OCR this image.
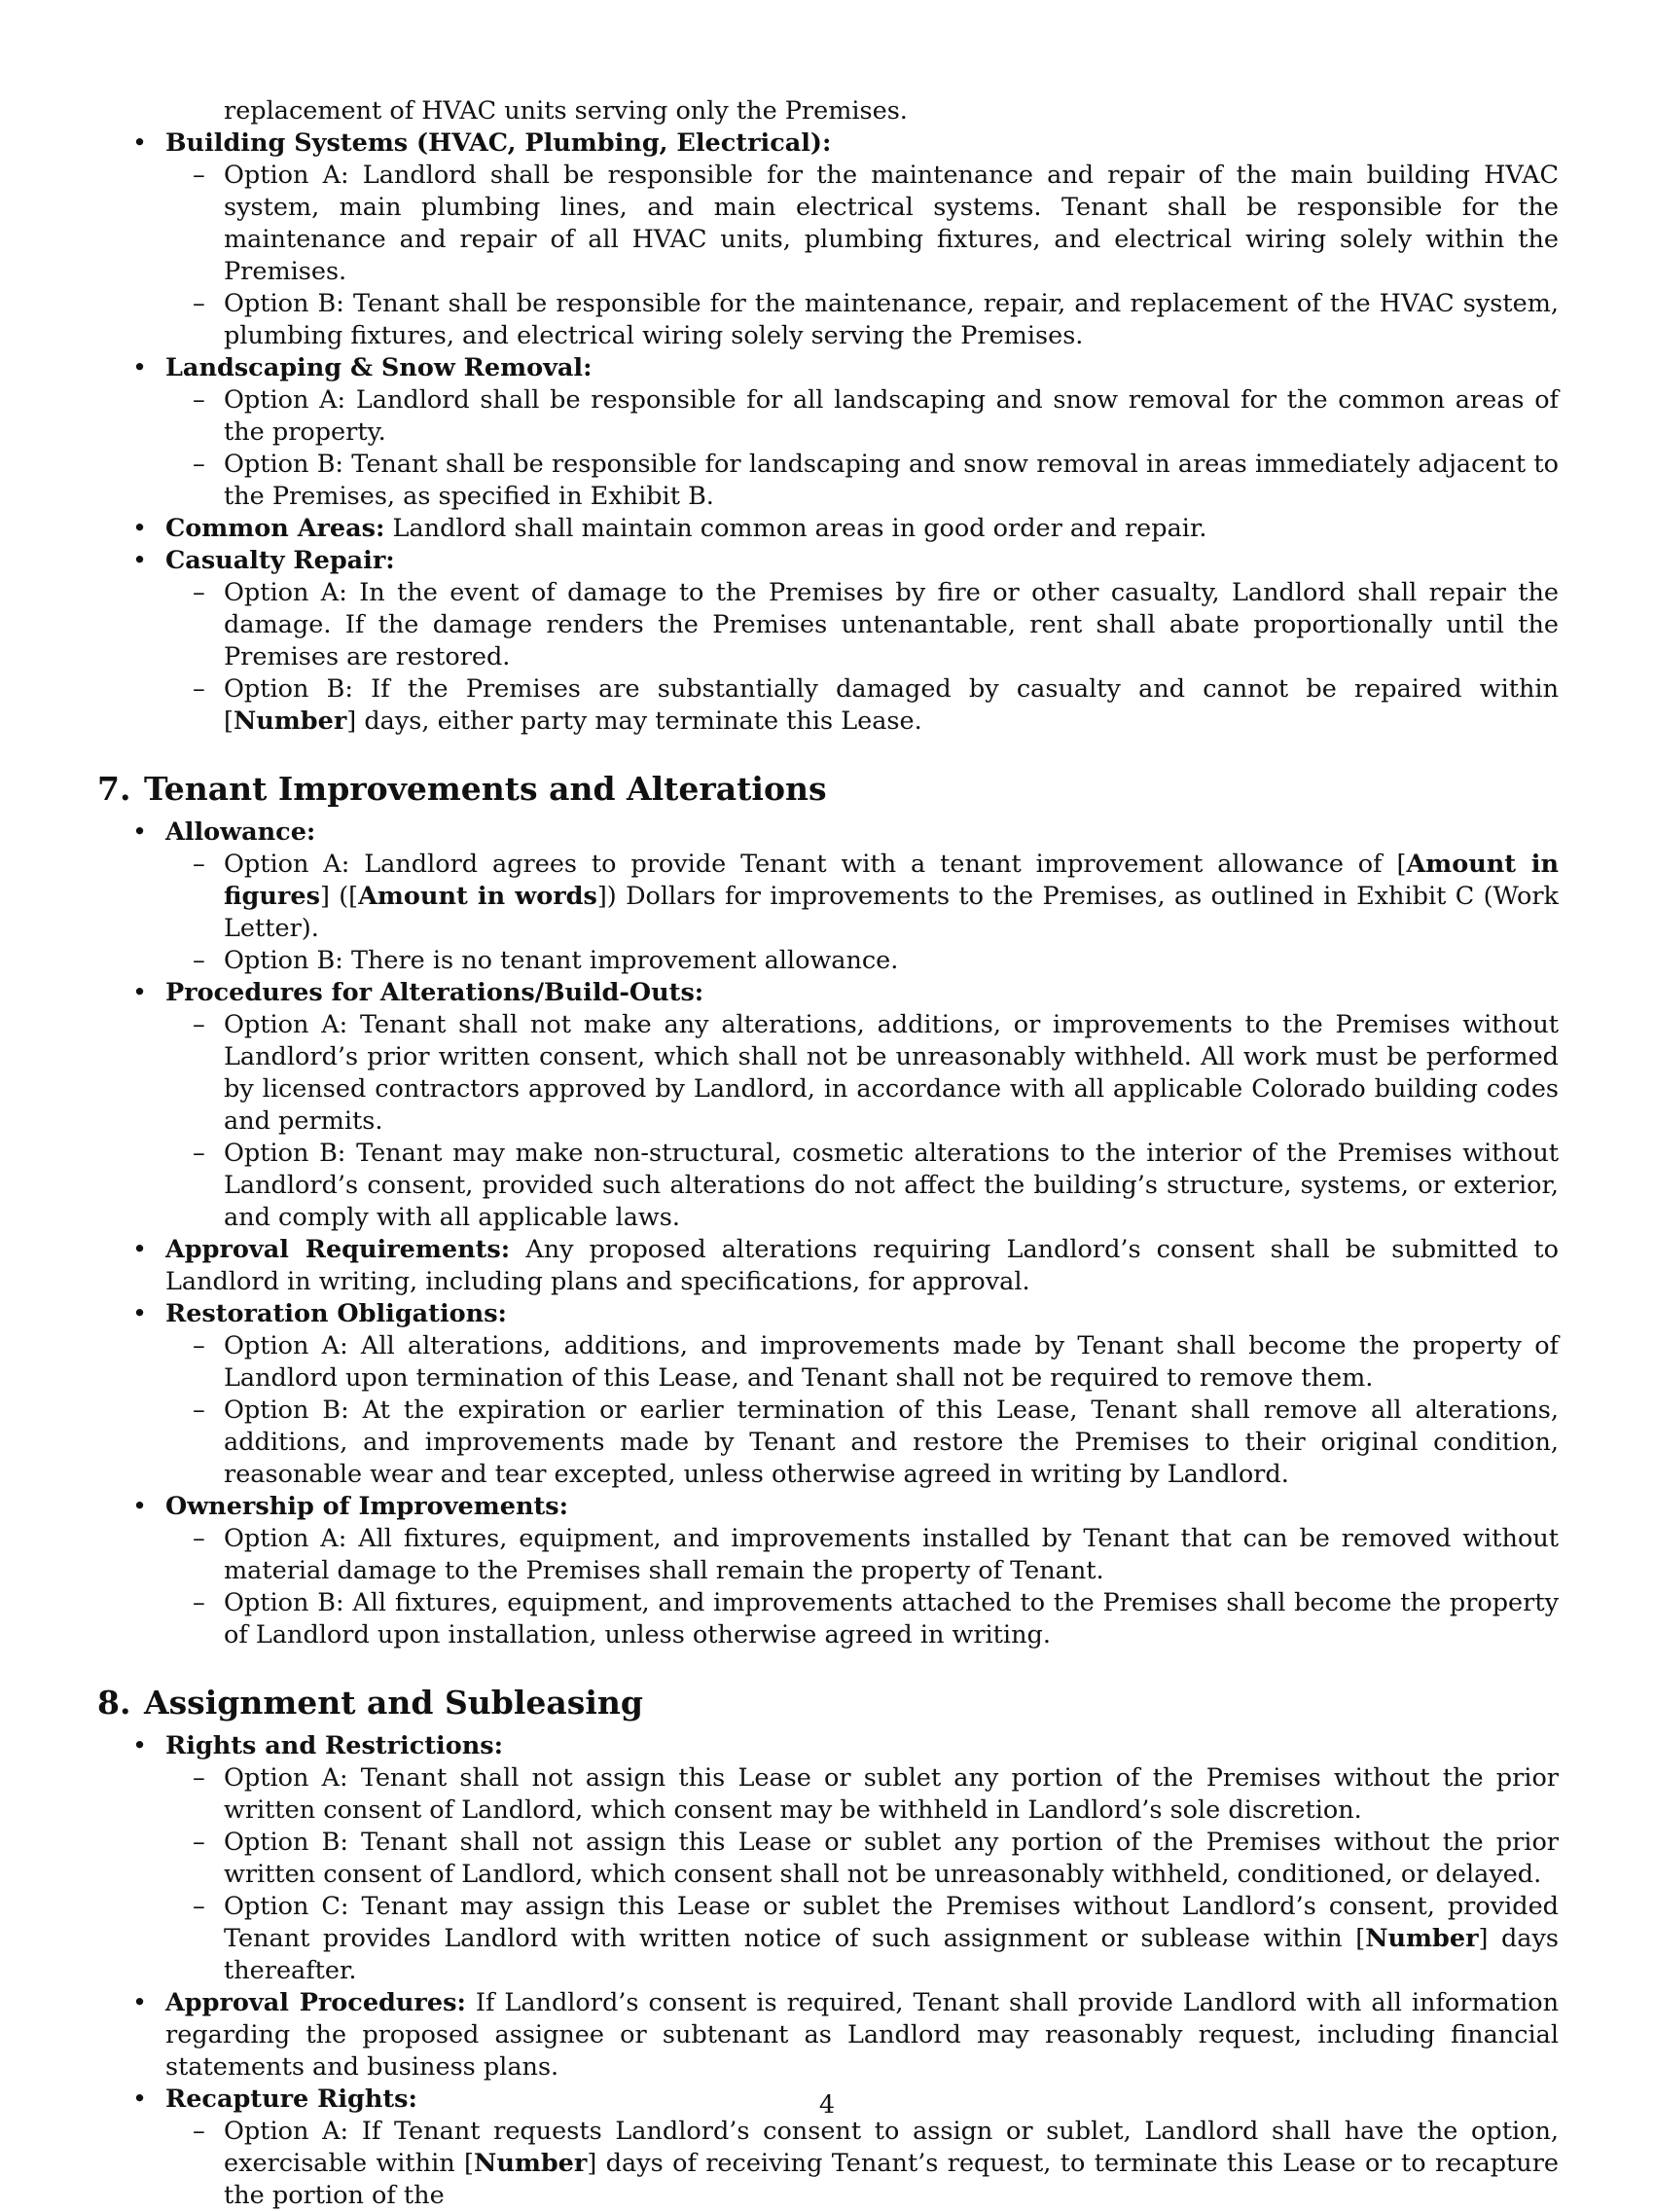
replacement of HVAC units serving only the Premises.
• Building Systems (HVAC, Plumbing, Electrical):
– Option A: Landlord shall be responsible for the maintenance and repair of the main building HVAC system, main plumbing lines, and main electrical systems. Tenant shall be responsible for the maintenance and repair of all HVAC units, plumbing fixtures, and electrical wiring solely within the Premises.
– Option B: Tenant shall be responsible for the maintenance, repair, and replacement of the HVAC system, plumbing fixtures, and electrical wiring solely serving the Premises.
• Landscaping & Snow Removal:
– Option A: Landlord shall be responsible for all landscaping and snow removal for the common areas of the property.
– Option B: Tenant shall be responsible for landscaping and snow removal in areas immediately adjacent to the Premises, as specified in Exhibit B.
• Common Areas: Landlord shall maintain common areas in good order and repair.
• Casualty Repair:
– Option A: In the event of damage to the Premises by fire or other casualty, Landlord shall repair the damage. If the damage renders the Premises untenantable, rent shall abate proportionally until the Premises are restored.
– Option B: If the Premises are substantially damaged by casualty and cannot be repaired within [Number] days, either party may terminate this Lease.
7. Tenant Improvements and Alterations
• Allowance:
– Option A: Landlord agrees to provide Tenant with a tenant improvement allowance of [Amount in figures] ([Amount in words]) Dollars for improvements to the Premises, as outlined in Exhibit C (Work Letter).
– Option B: There is no tenant improvement allowance.
• Procedures for Alterations/Build-Outs:
– Option A: Tenant shall not make any alterations, additions, or improvements to the Premises without Landlord’s prior written consent, which shall not be unreasonably withheld. All work must be performed by licensed contractors approved by Landlord, in accordance with all applicable Colorado building codes and permits.
– Option B: Tenant may make non-structural, cosmetic alterations to the interior of the Premises without Landlord’s consent, provided such alterations do not affect the building’s structure, systems, or exterior, and comply with all applicable laws.
• Approval Requirements: Any proposed alterations requiring Landlord’s consent shall be submitted to Landlord in writing, including plans and specifications, for approval.
• Restoration Obligations:
– Option A: All alterations, additions, and improvements made by Tenant shall become the property of Landlord upon termination of this Lease, and Tenant shall not be required to remove them.
– Option B: At the expiration or earlier termination of this Lease, Tenant shall remove all alterations, additions, and improvements made by Tenant and restore the Premises to their original condition, reasonable wear and tear excepted, unless otherwise agreed in writing by Landlord.
• Ownership of Improvements:
– Option A: All fixtures, equipment, and improvements installed by Tenant that can be removed without material damage to the Premises shall remain the property of Tenant.
– Option B: All fixtures, equipment, and improvements attached to the Premises shall become the property of Landlord upon installation, unless otherwise agreed in writing.
8. Assignment and Subleasing
• Rights and Restrictions:
– Option A: Tenant shall not assign this Lease or sublet any portion of the Premises without the prior written consent of Landlord, which consent may be withheld in Landlord’s sole discretion.
– Option B: Tenant shall not assign this Lease or sublet any portion of the Premises without the prior written consent of Landlord, which consent shall not be unreasonably withheld, conditioned, or delayed.
– Option C: Tenant may assign this Lease or sublet the Premises without Landlord’s consent, provided Tenant provides Landlord with written notice of such assignment or sublease within [Number] days thereafter.
• Approval Procedures: If Landlord’s consent is required, Tenant shall provide Landlord with all information regarding the proposed assignee or subtenant as Landlord may reasonably request, including financial statements and business plans.
• Recapture Rights:
– Option A: If Tenant requests Landlord’s consent to assign or sublet, Landlord shall have the option, exercisable within [Number] days of receiving Tenant’s request, to terminate this Lease or to recapture the portion of the
4
